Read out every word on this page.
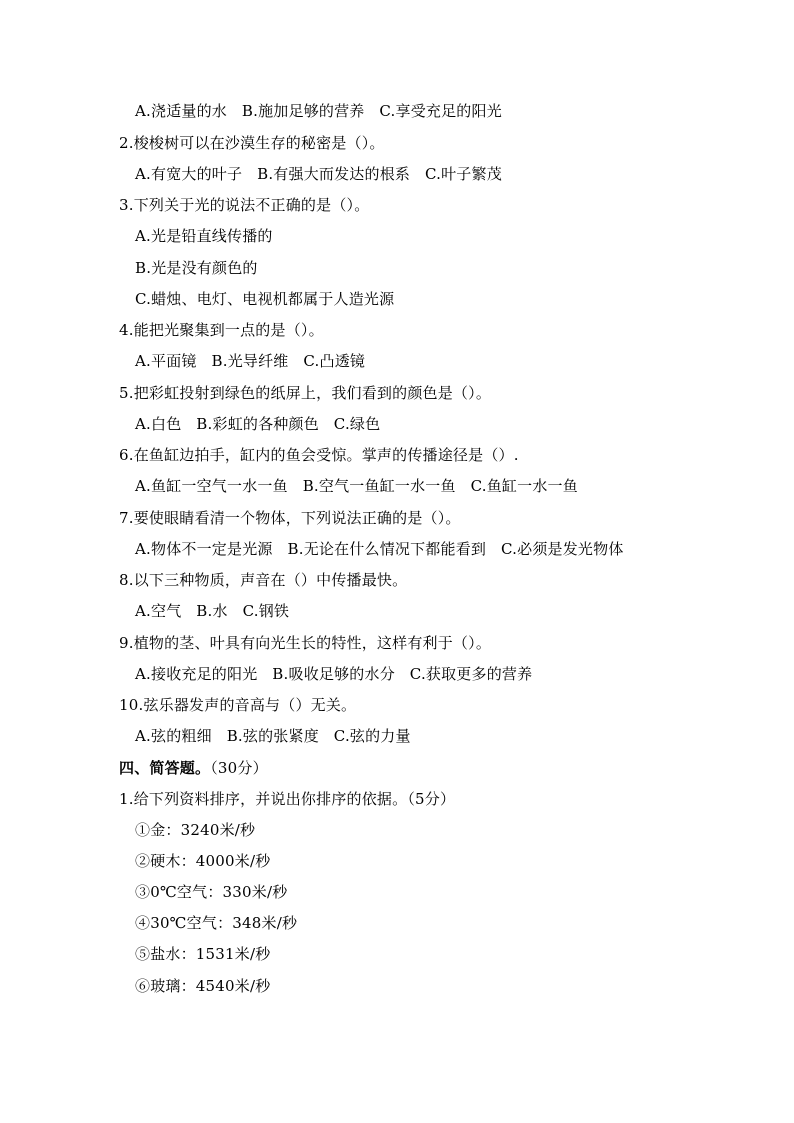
A.浇适量的水   B.施加足够的营养   C.享受充足的阳光
2.梭梭树可以在沙漠生存的秘密是（）。
A.有宽大的叶子   B.有强大而发达的根系   C.叶子繁茂
3.下列关于光的说法不正确的是（）。
A.光是铅直线传播的
B.光是没有颜色的
C.蜡烛、电灯、电视机都属于人造光源
4.能把光聚集到一点的是（）。
A.平面镜   B.光导纤维   C.凸透镜
5.把彩虹投射到绿色的纸屏上，我们看到的颜色是（）。
A.白色   B.彩虹的各种颜色   C.绿色
6.在鱼缸边拍手，缸内的鱼会受惊。掌声的传播途径是（）.
A.鱼缸一空气一水一鱼   B.空气一鱼缸一水一鱼   C.鱼缸一水一鱼
7.要使眼睛看清一个物体，下列说法正确的是（）。
A.物体不一定是光源   B.无论在什么情况下都能看到   C.必须是发光物体
8.以下三种物质，声音在（）中传播最快。
A.空气   B.水   C.钢铁
9.植物的茎、叶具有向光生长的特性，这样有利于（）。
A.接收充足的阳光   B.吸收足够的水分   C.获取更多的营养
10.弦乐器发声的音高与（）无关。
A.弦的粗细   B.弦的张紧度   C.弦的力量
四、简答题。（30分）
1.给下列资料排序，并说出你排序的依据。（5分）
①金：3240米/秒
②硬木：4000米/秒
③0℃空气：330米/秒
④30℃空气：348米/秒
⑤盐水：1531米/秒
⑥玻璃：4540米/秒
